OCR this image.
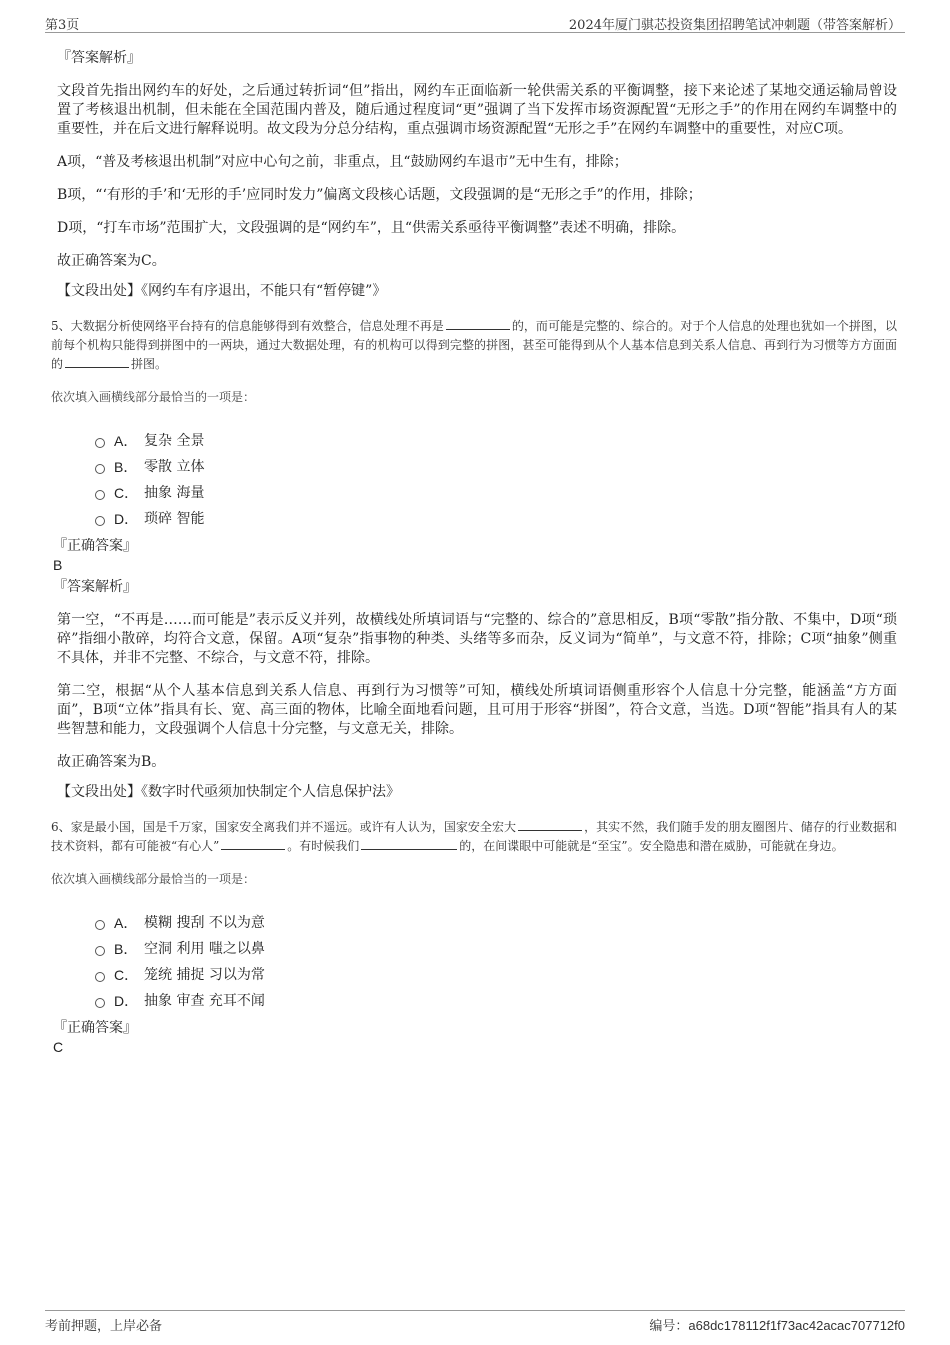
第3页	2024年厦门骐芯投资集团招聘笔试冲刺题（带答案解析）
『答案解析』

文段首先指出网约车的好处，之后通过转折词“但”指出，网约车正面临新一轮供需关系的平衡调整，接下来论述了某地交通运输局曾设置了考核退出机制，但未能在全国范围内普及，随后通过程度词“更”强调了当下发挥市场资源配置“无形之手”的作用在网约车调整中的重要性，并在后文进行解释说明。故文段为分总分结构，重点强调市场资源配置“无形之手”在网约车调整中的重要性，对应C项。

A项，“普及考核退出机制”对应中心句之前，非重点，且“鼓励网约车退市”无中生有，排除；

B项，“‘有形的手’和‘无形的手’应同时发力”偏离文段核心话题，文段强调的是“无形之手”的作用，排除；

D项，“打车市场”范围扩大，文段强调的是“网约车”，且“供需关系亟待平衡调整”表述不明确，排除。

故正确答案为C。

【文段出处】《网约车有序退出，不能只有“暂停键”》

5、大数据分析使网络平台持有的信息能够得到有效整合，信息处理不再是	的，而可能是完整的、综合的。对于个人信息的处理也犹如一个拼图，以前每个机构只能得到拼图中的一两块，通过大数据处理，有的机构可以得到完整的拼图，甚至可能得到从个人基本信息到关系人信息、再到行为习惯等方方面面的	拼图。

依次填入画横线部分最恰当的一项是：
A． 复杂 全景
B． 零散 立体
C． 抽象 海量
D． 琐碎 智能
『正确答案』
B
『答案解析』

第一空，“不再是……而可能是”表示反义并列，故横线处所填词语与“完整的、综合的”意思相反，B项“零散”指分散、不集中，D项“琐碎”指细小散碎，均符合文意，保留。A项“复杂”指事物的种类、头绪等多而杂，反义词为“简单”，与文意不符，排除；C项“抽象”侧重不具体，并非不完整、不综合，与文意不符，排除。

第二空，根据“从个人基本信息到关系人信息、再到行为习惯等”可知，横线处所填词语侧重形容个人信息十分完整，能涵盖“方方面面”，B项“立体”指具有长、宽、高三面的物体，比喻全面地看问题，且可用于形容“拼图”，符合文意，当选。D项“智能”指具有人的某些智慧和能力，文段强调个人信息十分完整，与文意无关，排除。

故正确答案为B。

【文段出处】《数字时代亟须加快制定个人信息保护法》

6、家是最小国，国是千万家，国家安全离我们并不遥远。或许有人认为，国家安全宏大	，其实不然，我们随手发的朋友圈图片、储存的行业数据和技术资料，都有可能被“有心人”	。有时候我们	的，在间谍眼中可能就是“至宝”。安全隐患和潜在威胁，可能就在身边。

依次填入画横线部分最恰当的一项是：
A． 模糊 搜刮 不以为意
B． 空洞 利用 嗤之以鼻
C． 笼统 捕捉 习以为常
D． 抽象 审查 充耳不闻
『正确答案』
C
考前押题，上岸必备	编号：a68dc178112f1f73ac42acac707712f0
